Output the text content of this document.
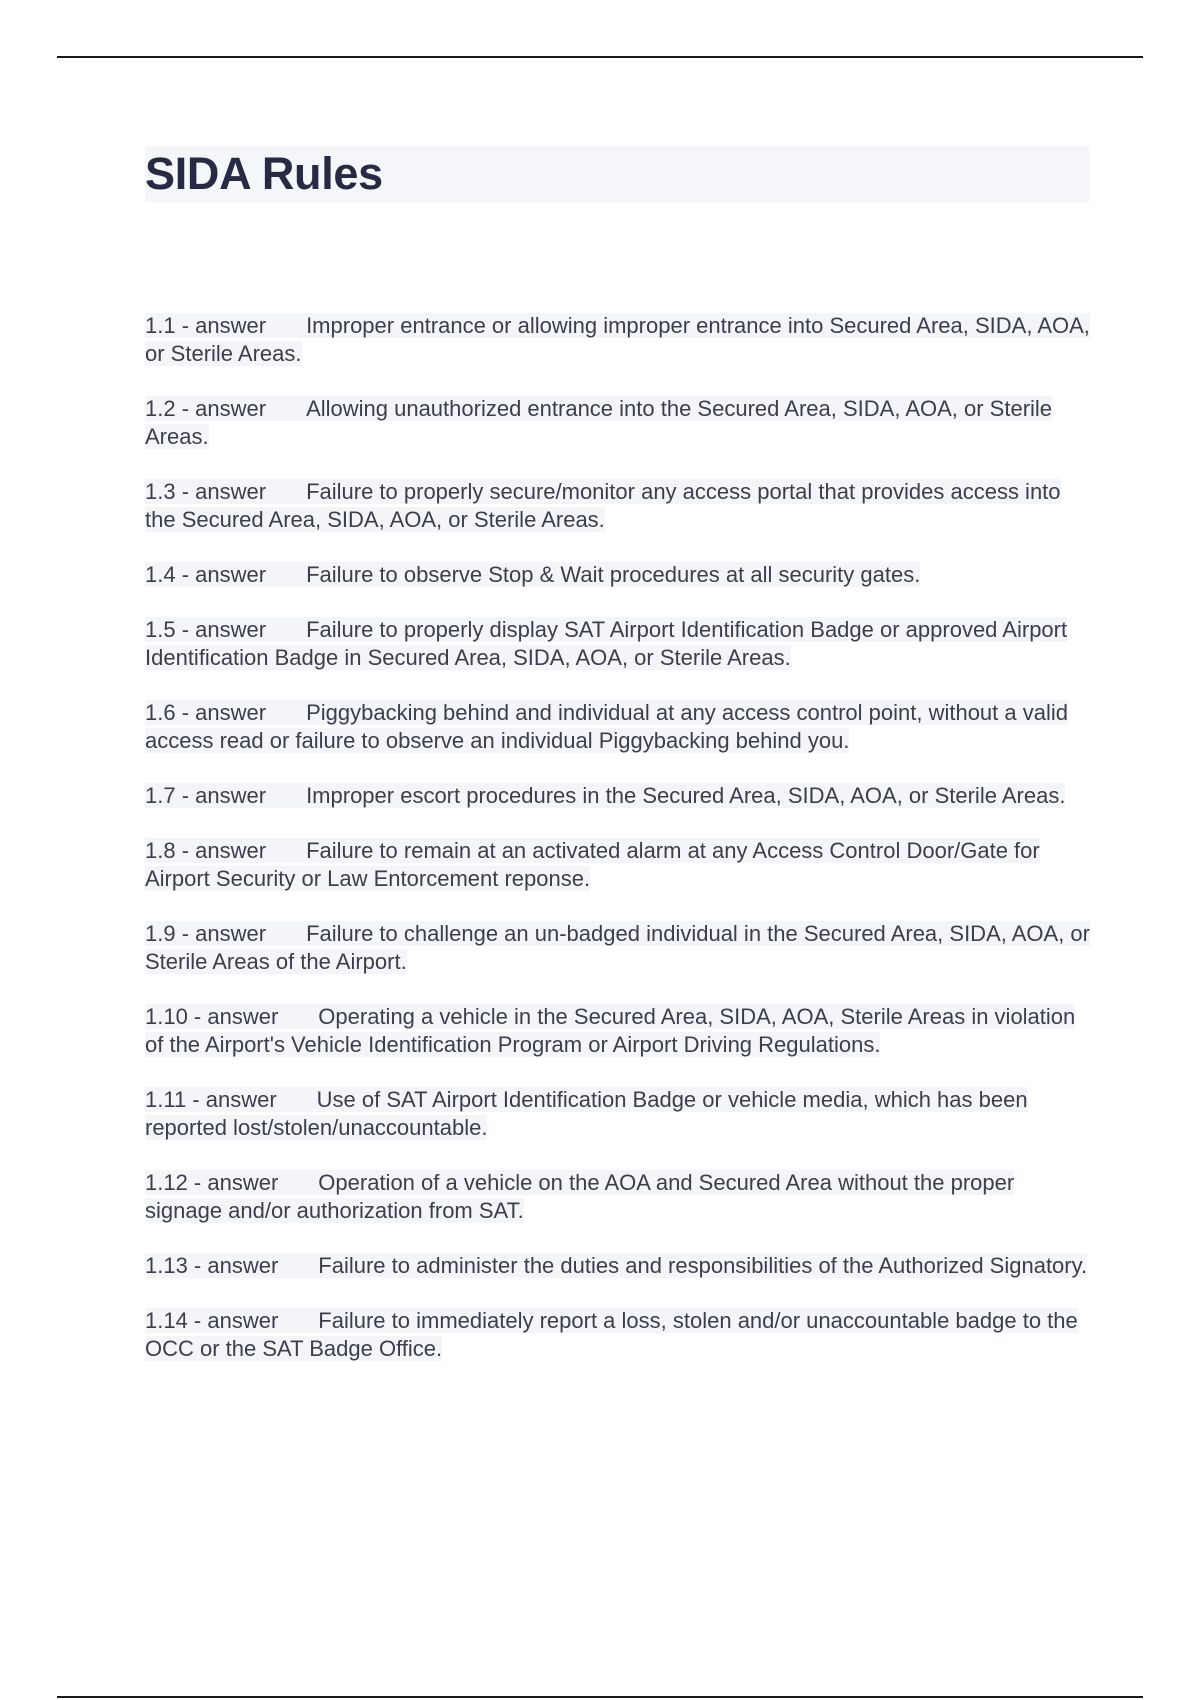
SIDA Rules
1.1 - answer Improper entrance or allowing improper entrance into Secured Area, SIDA, AOA, or Sterile Areas.
1.2 - answer Allowing unauthorized entrance into the Secured Area, SIDA, AOA, or Sterile Areas.
1.3 - answer Failure to properly secure/monitor any access portal that provides access into the Secured Area, SIDA, AOA, or Sterile Areas.
1.4 - answer Failure to observe Stop & Wait procedures at all security gates.
1.5 - answer Failure to properly display SAT Airport Identification Badge or approved Airport Identification Badge in Secured Area, SIDA, AOA, or Sterile Areas.
1.6 - answer Piggybacking behind and individual at any access control point, without a valid access read or failure to observe an individual Piggybacking behind you.
1.7 - answer Improper escort procedures in the Secured Area, SIDA, AOA, or Sterile Areas.
1.8 - answer Failure to remain at an activated alarm at any Access Control Door/Gate for Airport Security or Law Entorcement reponse.
1.9 - answer Failure to challenge an un-badged individual in the Secured Area, SIDA, AOA, or Sterile Areas of the Airport.
1.10 - answer Operating a vehicle in the Secured Area, SIDA, AOA, Sterile Areas in violation of the Airport's Vehicle Identification Program or Airport Driving Regulations.
1.11 - answer Use of SAT Airport Identification Badge or vehicle media, which has been reported lost/stolen/unaccountable.
1.12 - answer Operation of a vehicle on the AOA and Secured Area without the proper signage and/or authorization from SAT.
1.13 - answer Failure to administer the duties and responsibilities of the Authorized Signatory.
1.14 - answer Failure to immediately report a loss, stolen and/or unaccountable badge to the OCC or the SAT Badge Office.
